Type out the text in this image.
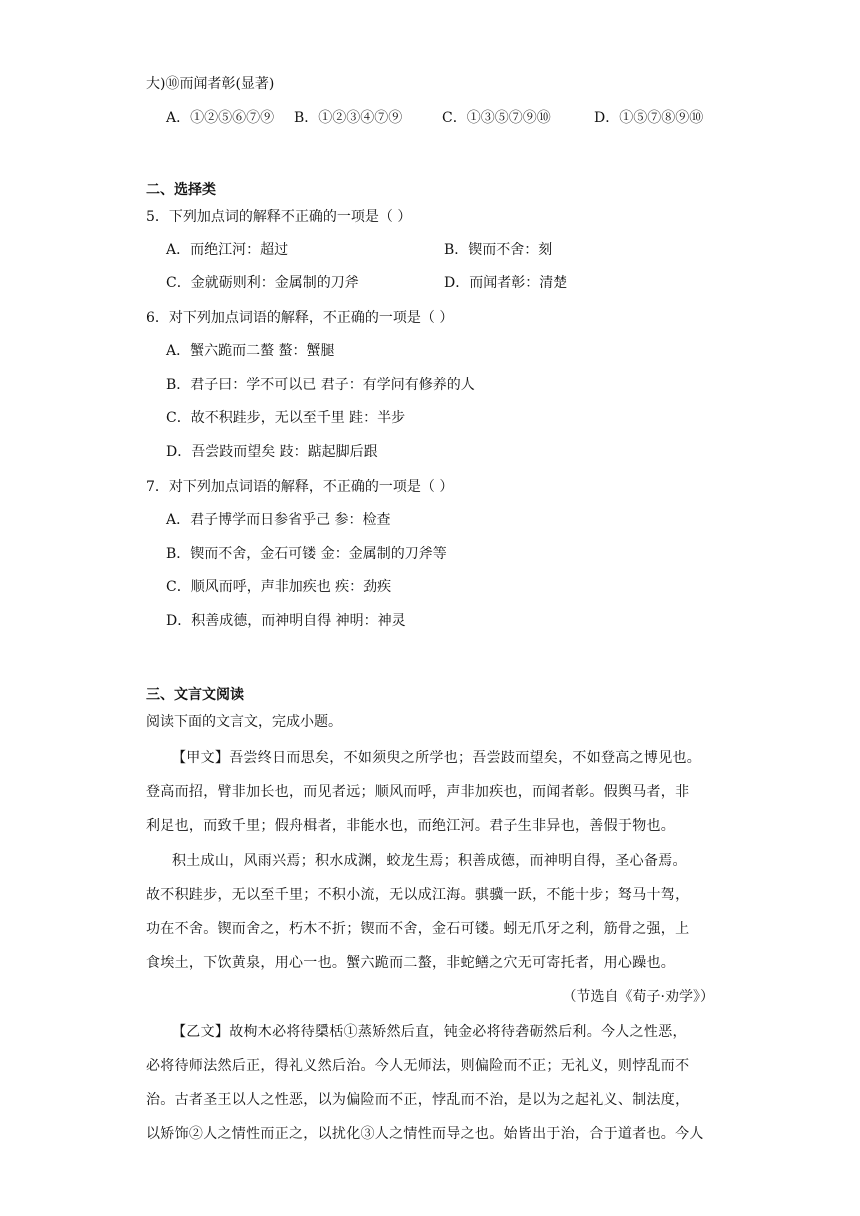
大)⑩而闻者彰(显著)
A．①②⑤⑥⑦⑨ B．①②③④⑦⑨	C．①③⑤⑦⑨⑩	D．①⑤⑦⑧⑨⑩
二、选择类
5．下列加点词的解释不正确的一项是（ ）
A．而绝江河：超过	B．锲而不舍：刻
C．金就砺则利：金属制的刀斧	D．而闻者彰：清楚
6．对下列加点词语的解释，不正确的一项是（ ）
A．蟹六跪而二螯 螯：蟹腿
B．君子曰：学不可以已 君子：有学问有修养的人
C．故不积跬步，无以至千里 跬：半步
D．吾尝跂而望矣 跂：踮起脚后跟
7．对下列加点词语的解释，不正确的一项是（ ）
A．君子博学而日参省乎己 参：检查
B．锲而不舍，金石可镂 金：金属制的刀斧等
C．顺风而呼，声非加疾也 疾：劲疾
D．积善成德，而神明自得 神明：神灵
三、文言文阅读
阅读下面的文言文，完成小题。
【甲文】吾尝终日而思矣，不如须臾之所学也；吾尝跂而望矣，不如登高之博见也。
登高而招，臂非加长也，而见者远；顺风而呼，声非加疾也，而闻者彰。假舆马者，非
利足也，而致千里；假舟楫者，非能水也，而绝江河。君子生非异也，善假于物也。
积土成山，风雨兴焉；积水成渊，蛟龙生焉；积善成德，而神明自得，圣心备焉。
故不积跬步，无以至千里；不积小流，无以成江海。骐骥一跃，不能十步；驽马十驾，
功在不舍。锲而舍之，朽木不折；锲而不舍，金石可镂。蚓无爪牙之利，筋骨之强，上
食埃土，下饮黄泉，用心一也。蟹六跪而二螯，非蛇鳝之穴无可寄托者，用心躁也。
（节选自《荀子·劝学》）
【乙文】故枸木必将待檃栝①蒸矫然后直，钝金必将待砻砺然后利。今人之性恶，
必将待师法然后正，得礼义然后治。今人无师法，则偏险而不正；无礼义，则悖乱而不
治。古者圣王以人之性恶，以为偏险而不正，悖乱而不治，是以为之起礼义、制法度，
以矫饰②人之情性而正之，以扰化③人之情性而导之也。始皆出于治，合于道者也。今人
